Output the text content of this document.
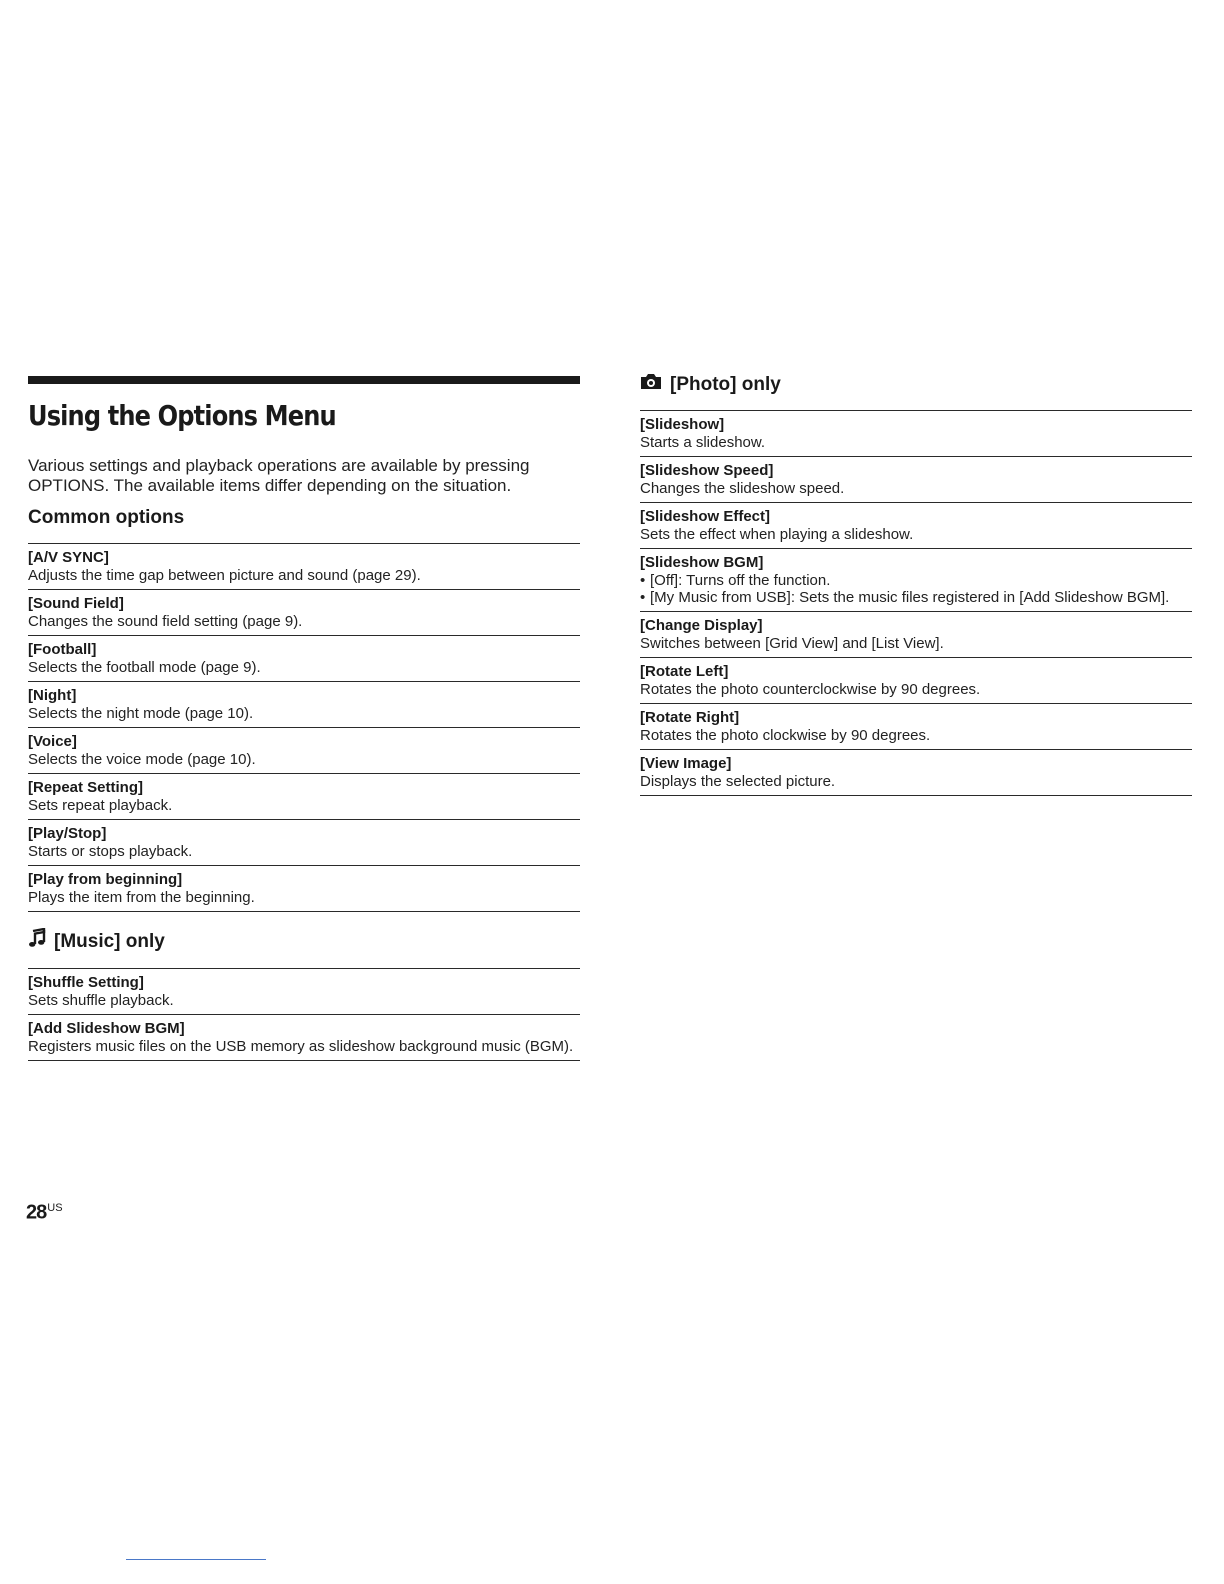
Using the Options Menu

Various settings and playback operations are available by pressing OPTIONS. The available items differ depending on the situation.

Common options
[A/V SYNC]
Adjusts the time gap between picture and sound (page 29).
[Sound Field]
Changes the sound field setting (page 9).
[Football]
Selects the football mode (page 9).
[Night]
Selects the night mode (page 10).
[Voice]
Selects the voice mode (page 10).
[Repeat Setting]
Sets repeat playback.
[Play/Stop]
Starts or stops playback.
[Play from beginning]
Plays the item from the beginning.
[Music] only
[Shuffle Setting]
Sets shuffle playback.
[Add Slideshow BGM]
Registers music files on the USB memory as slideshow background music (BGM).
[Photo] only
[Slideshow]
Starts a slideshow.
[Slideshow Speed]
Changes the slideshow speed.
[Slideshow Effect]
Sets the effect when playing a slideshow.
[Slideshow BGM]
• [Off]: Turns off the function.
• [My Music from USB]: Sets the music files registered in [Add Slideshow BGM].
[Change Display]
Switches between [Grid View] and [List View].
[Rotate Left]
Rotates the photo counterclockwise by 90 degrees.
[Rotate Right]
Rotates the photo clockwise by 90 degrees.
[View Image]
Displays the selected picture.
$28^{US}$
